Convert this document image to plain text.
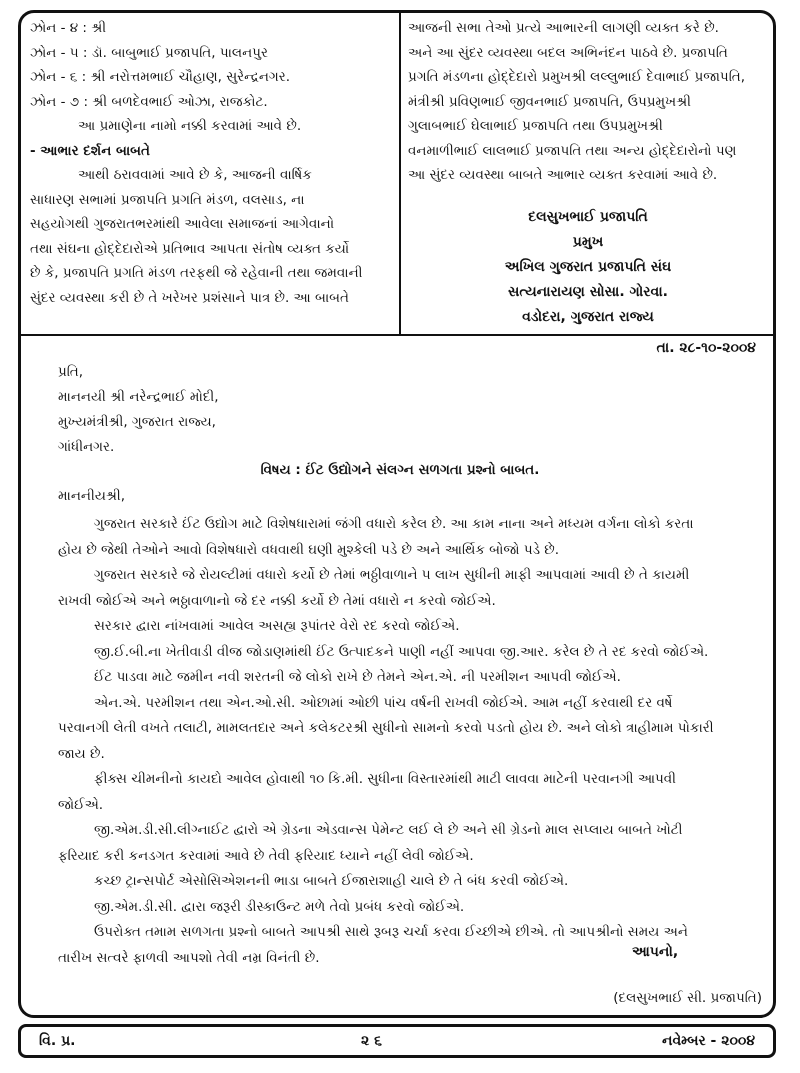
ઝોન - ૪ : શ્રી
ઝોન - ૫ : ડૉ. બાબુભાઈ પ્રજાપતિ, પાલનપુર
ઝોન - ૬ : શ્રી નરોત્તમભાઈ ચૌહાણ, સુરેન્દ્રનગર.
ઝોન - ૭ : શ્રી બળદેવભાઈ ઓઝા, રાજકોટ.
આ પ્રમાણેના નામો નક્કી કરવામાં આવે છે.
- આભાર દર્શન બાબતે
આથી ઠરાવવામાં આવે છે કે, આજની વાર્ષિક
સાધારણ સભામાં પ્રજાપતિ પ્રગતિ મંડળ, વલસાડ, ના
સહયોગથી ગુજરાતભરમાંથી આવેલા સમાજનાં આગેવાનો
તથા સંઘના હોદ્દેદારોએ પ્રતિભાવ આપતા સંતોષ વ્યક્ત કર્યો
છે કે, પ્રજાપતિ પ્રગતિ મંડળ તરફથી જે રહેવાની તથા જમવાની
સુંદર વ્યવસ્થા કરી છે તે ખરેખર પ્રશંસાને પાત્ર છે. આ બાબતે
આજની સભા તેઓ પ્રત્યે આભારની લાગણી વ્યક્ત કરે છે.
અને આ સુંદર વ્યવસ્થા બદલ અભિનંદન પાઠવે છે. પ્રજાપતિ
પ્રગતિ મંડળના હોદ્દેદારો પ્રમુખશ્રી લલ્લુભાઈ દેવાભાઈ પ્રજાપતિ,
મંત્રીશ્રી પ્રવિણભાઈ જીવનભાઈ પ્રજાપતિ, ઉપપ્રમુખશ્રી
ગુલાબભાઈ ઘેલાભાઈ પ્રજાપતિ તથા ઉપપ્રમુખશ્રી
વનમાળીભાઈ લાલભાઈ પ્રજાપતિ તથા અન્ય હોદ્દેદારોનો પણ
આ સુંદર વ્યવસ્થા બાબતે આભાર વ્યક્ત કરવામાં આવે છે.
દલસુખભાઈ પ્રજાપતિ
પ્રમુખ
અખિલ ગુજરાત પ્રજાપતિ સંઘ
સત્યનારાયણ સોસા. ગોરવા.
વડોદરા, ગુજરાત રાજ્ય
તા. ૨૮-૧૦-૨૦૦૪
પ્રતિ,
માનનયી શ્રી નરેન્દ્રભાઈ મોદી,
મુખ્યમંત્રીશ્રી, ગુજરાત રાજ્ય,
ગાંધીનગર.
વિષય : ઈંટ ઉદ્યોગને સંલગ્ન સળગતા પ્રશ્નો બાબત.
માનનીયશ્રી,
ગુજરાત સરકારે ઈંટ ઉદ્યોગ માટે વિશેષધારામાં જંગી વધારો કરેલ છે. આ કામ નાના અને મધ્યમ વર્ગના લોકો કરતા
હોય છે જેથી તેઓને આવો વિશેષધારો વધવાથી ઘણી મુશ્કેલી પડે છે અને આર્થિક બોજો પડે છે.
ગુજરાત સરકારે જે રોયલ્ટીમાં વધારો કર્યો છે તેમાં ભઠ્ઠીવાળાને ૫ લાખ સુધીની માફી આપવામાં આવી છે તે કાયમી
રાખવી જોઈએ અને ભઠ્ઠાવાળાનો જે દર નક્કી કર્યો છે તેમાં વધારો ન કરવો જોઈએ.
સરકાર દ્વારા નાંખવામાં આવેલ અસહ્ય રૂપાંતર વેરો રદ કરવો જોઈએ.
જી.ઈ.બી.ના ખેતીવાડી વીજ જોડાણમાંથી ઈંટ ઉત્પાદકને પાણી નહીં આપવા જી.આર. કરેલ છે તે રદ કરવો જોઈએ.
ઈંટ પાડવા માટે જમીન નવી શરતની જે લોકો રાખે છે તેમને એન.એ. ની પરમીશન આપવી જોઈએ.
એન.એ. પરમીશન તથા એન.ઓ.સી. ઓછામાં ઓછી પાંચ વર્ષની રાખવી જોઈએ. આમ નહીં કરવાથી દર વર્ષે
પરવાનગી લેતી વખતે તલાટી, મામલતદાર અને કલેકટરશ્રી સુધીનો સામનો કરવો પડતો હોય છે. અને લોકો ત્રાહીમામ પોકારી
જાય છે.
ફીક્સ ચીમનીનો કાયદો આવેલ હોવાથી ૧૦ કિ.મી. સુધીના વિસ્તારમાંથી માટી લાવવા માટેની પરવાનગી આપવી
જોઈએ.
જી.એમ.ડી.સી.લીગ્નાઈટ દ્વારો એ ગ્રેડના એડવાન્સ પેમેન્ટ લઈ લે છે અને સી ગ્રેડનો માલ સપ્લાય બાબતે ખોટી
ફરિયાદ કરી કનડગત કરવામાં આવે છે તેવી ફરિયાદ ધ્યાને નહીં લેવી જોઈએ.
કચ્છ ટ્રાન્સપોર્ટ એસોસિએશનની ભાડા બાબતે ઈજારાશાહી ચાલે છે તે બંધ કરવી જોઈએ.
જી.એમ.ડી.સી. દ્વારા જરૂરી ડીસ્કાઉન્ટ મળે તેવો પ્રબંધ કરવો જોઈએ.
ઉપરોક્ત તમામ સળગતા પ્રશ્નો બાબતે આપશ્રી સાથે રૂબરૂ ચર્ચા કરવા ઈચ્છીએ છીએ. તો આપશ્રીનો સમય અને
તારીખ સત્વરે ફાળવી આપશો તેવી નમ્ર વિનંતી છે.	આપનો,
(દલસુખભાઈ સી. પ્રજાપતિ)
વિ. પ્ર.	૨ ૬	નવેમ્બર - ૨૦૦૪
